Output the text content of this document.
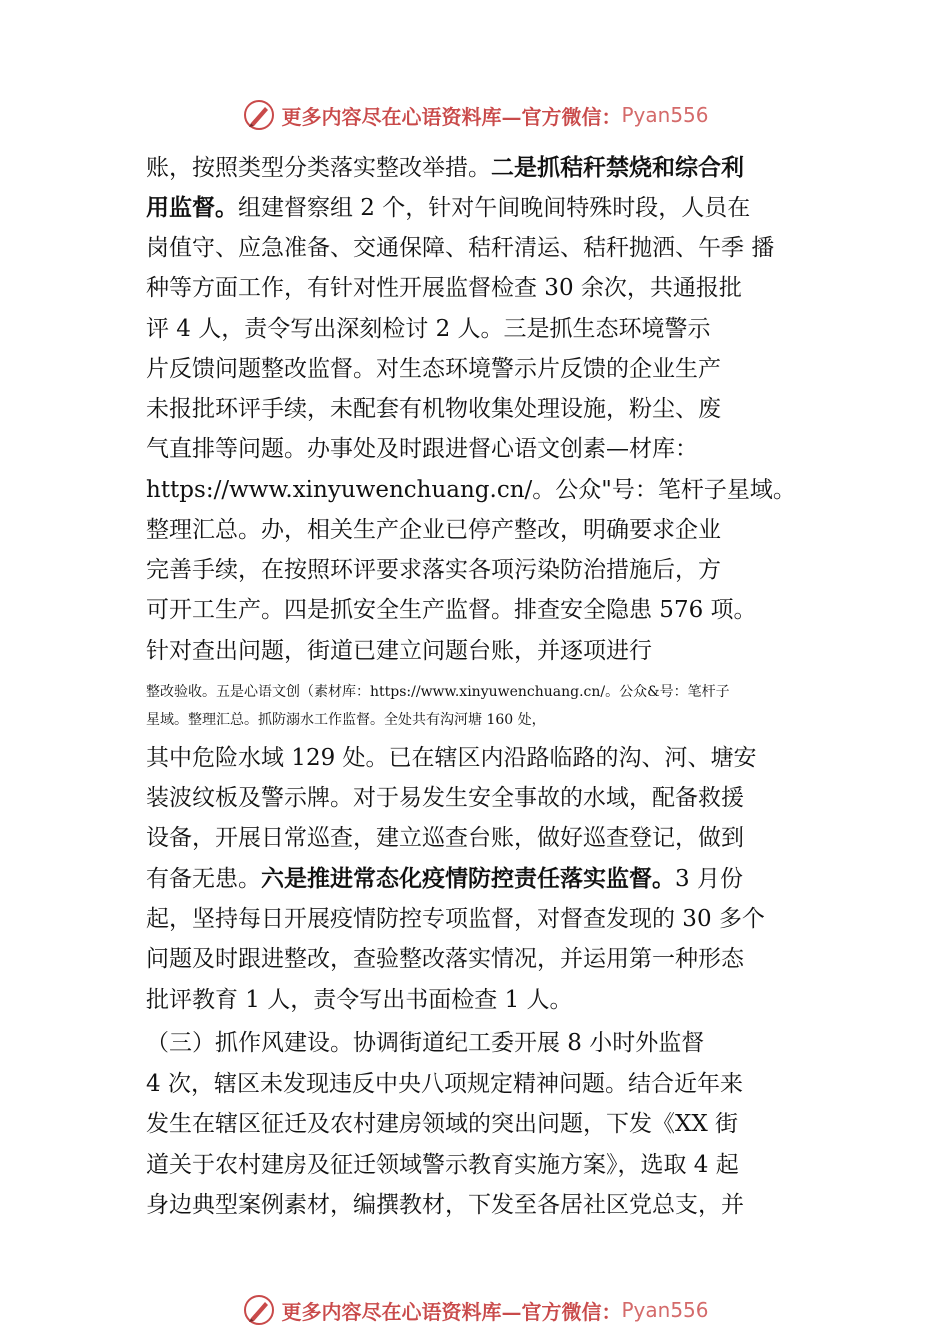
更多内容尽在心语资料库—官方微信： Pyan556
账，按照类型分类落实整改举措。二是抓秸秆禁烧和综合利
用监督。组建督察组 2 个，针对午间晚间特殊时段，人员在
岗值守、应急准备、交通保障、秸秆清运、秸秆抛洒、午季 播
种等方面工作，有针对性开展监督检查 30 余次，共通报批
评 4 人，责令写出深刻检讨 2 人。三是抓生态环境警示
片反馈问题整改监督。对生态环境警示片反馈的企业生产
未报批环评手续，未配套有机物收集处理设施，粉尘、废
气直排等问题。办事处及时跟进督心语文创素—材库：
https://www.xinyuwenchuang.cn/。公众"号：笔杆子星域。
整理汇总。办，相关生产企业已停产整改，明确要求企业
完善手续，在按照环评要求落实各项污染防治措施后，方
可开工生产。四是抓安全生产监督。排查安全隐患 576 项。
针对查出问题，街道已建立问题台账，并逐项进行
整改验收。五是心语文创（素材库：https://www.xinyuwenchuang.cn/。公众&号：笔杆子
星域。整理汇总。抓防溺水工作监督。全处共有沟河塘 160 处，
其中危险水域 129 处。已在辖区内沿路临路的沟、河、塘安
装波纹板及警示牌。对于易发生安全事故的水域，配备救援
设备，开展日常巡查，建立巡查台账，做好巡查登记，做到
有备无患。六是推进常态化疫情防控责任落实监督。3 月份
起，坚持每日开展疫情防控专项监督，对督查发现的 30 多个
问题及时跟进整改，查验整改落实情况，并运用第一种形态
批评教育 1 人，责令写出书面检查 1 人。
（三）抓作风建设。协调街道纪工委开展 8 小时外监督
4 次，辖区未发现违反中央八项规定精神问题。结合近年来
发生在辖区征迁及农村建房领域的突出问题，下发《XX 街
道关于农村建房及征迁领域警示教育实施方案》，选取 4 起
身边典型案例素材，编撰教材，下发至各居社区党总支，并
更多内容尽在心语资料库—官方微信： Pyan556
